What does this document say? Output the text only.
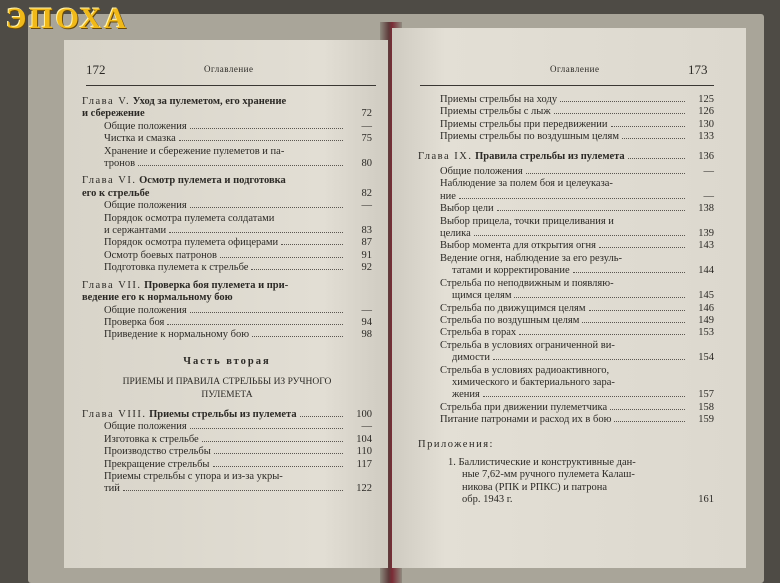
ЭПОХА
172	Оглавление
Глава V. Уход за пулеметом, его хранение
и сбережение	72
Общие положения	—
Чистка и смазка	75
Хранение и сбережение пулеметов и па-
тронов	80
Глава VI. Осмотр пулемета и подготовка
его к стрельбе	82
Общие положения	—
Порядок осмотра пулемета солдатами
и сержантами	83
Порядок осмотра пулемета офицерами	87
Осмотр боевых патронов	91
Подготовка пулемета к стрельбе	92
Глава VII. Проверка боя пулемета и при-
ведение его к нормальному бою
Общие положения	—
Проверка боя	94
Приведение к нормальному бою	98
Часть вторая
ПРИЕМЫ И ПРАВИЛА СТРЕЛЬБЫ ИЗ РУЧНОГО
ПУЛЕМЕТА
Глава VIII. Приемы стрельбы из пулемета	100
Общие положения	—
Изготовка к стрельбе	104
Производство стрельбы	110
Прекращение стрельбы	117
Приемы стрельбы с упора и из-за укры-
тий	122
Оглавление	173
Приемы стрельбы на ходу	125
Приемы стрельбы с лыж	126
Приемы стрельбы при передвижении	130
Приемы стрельбы по воздушным целям	133
Глава IX. Правила стрельбы из пулемета	136
Общие положения	—
Наблюдение за полем боя и целеуказа-
ние	—
Выбор цели	138
Выбор прицела, точки прицеливания и
целика	139
Выбор момента для открытия огня	143
Ведение огня, наблюдение за его резуль-
татами и корректирование	144
Стрельба по неподвижным и появляю-
щимся целям	145
Стрельба по движущимся целям	146
Стрельба по воздушным целям	149
Стрельба в горах	153
Стрельба в условиях ограниченной ви-
димости	154
Стрельба в условиях радиоактивного,
химического и бактериального зара-
жения	157
Стрельба при движении пулеметчика	158
Питание патронами и расход их в бою	159
Приложения:
1. Баллистические и конструктивные дан-
ные 7,62-мм ручного пулемета Калаш-
никова (РПК и РПКС) и патрона
обр. 1943 г.	161
